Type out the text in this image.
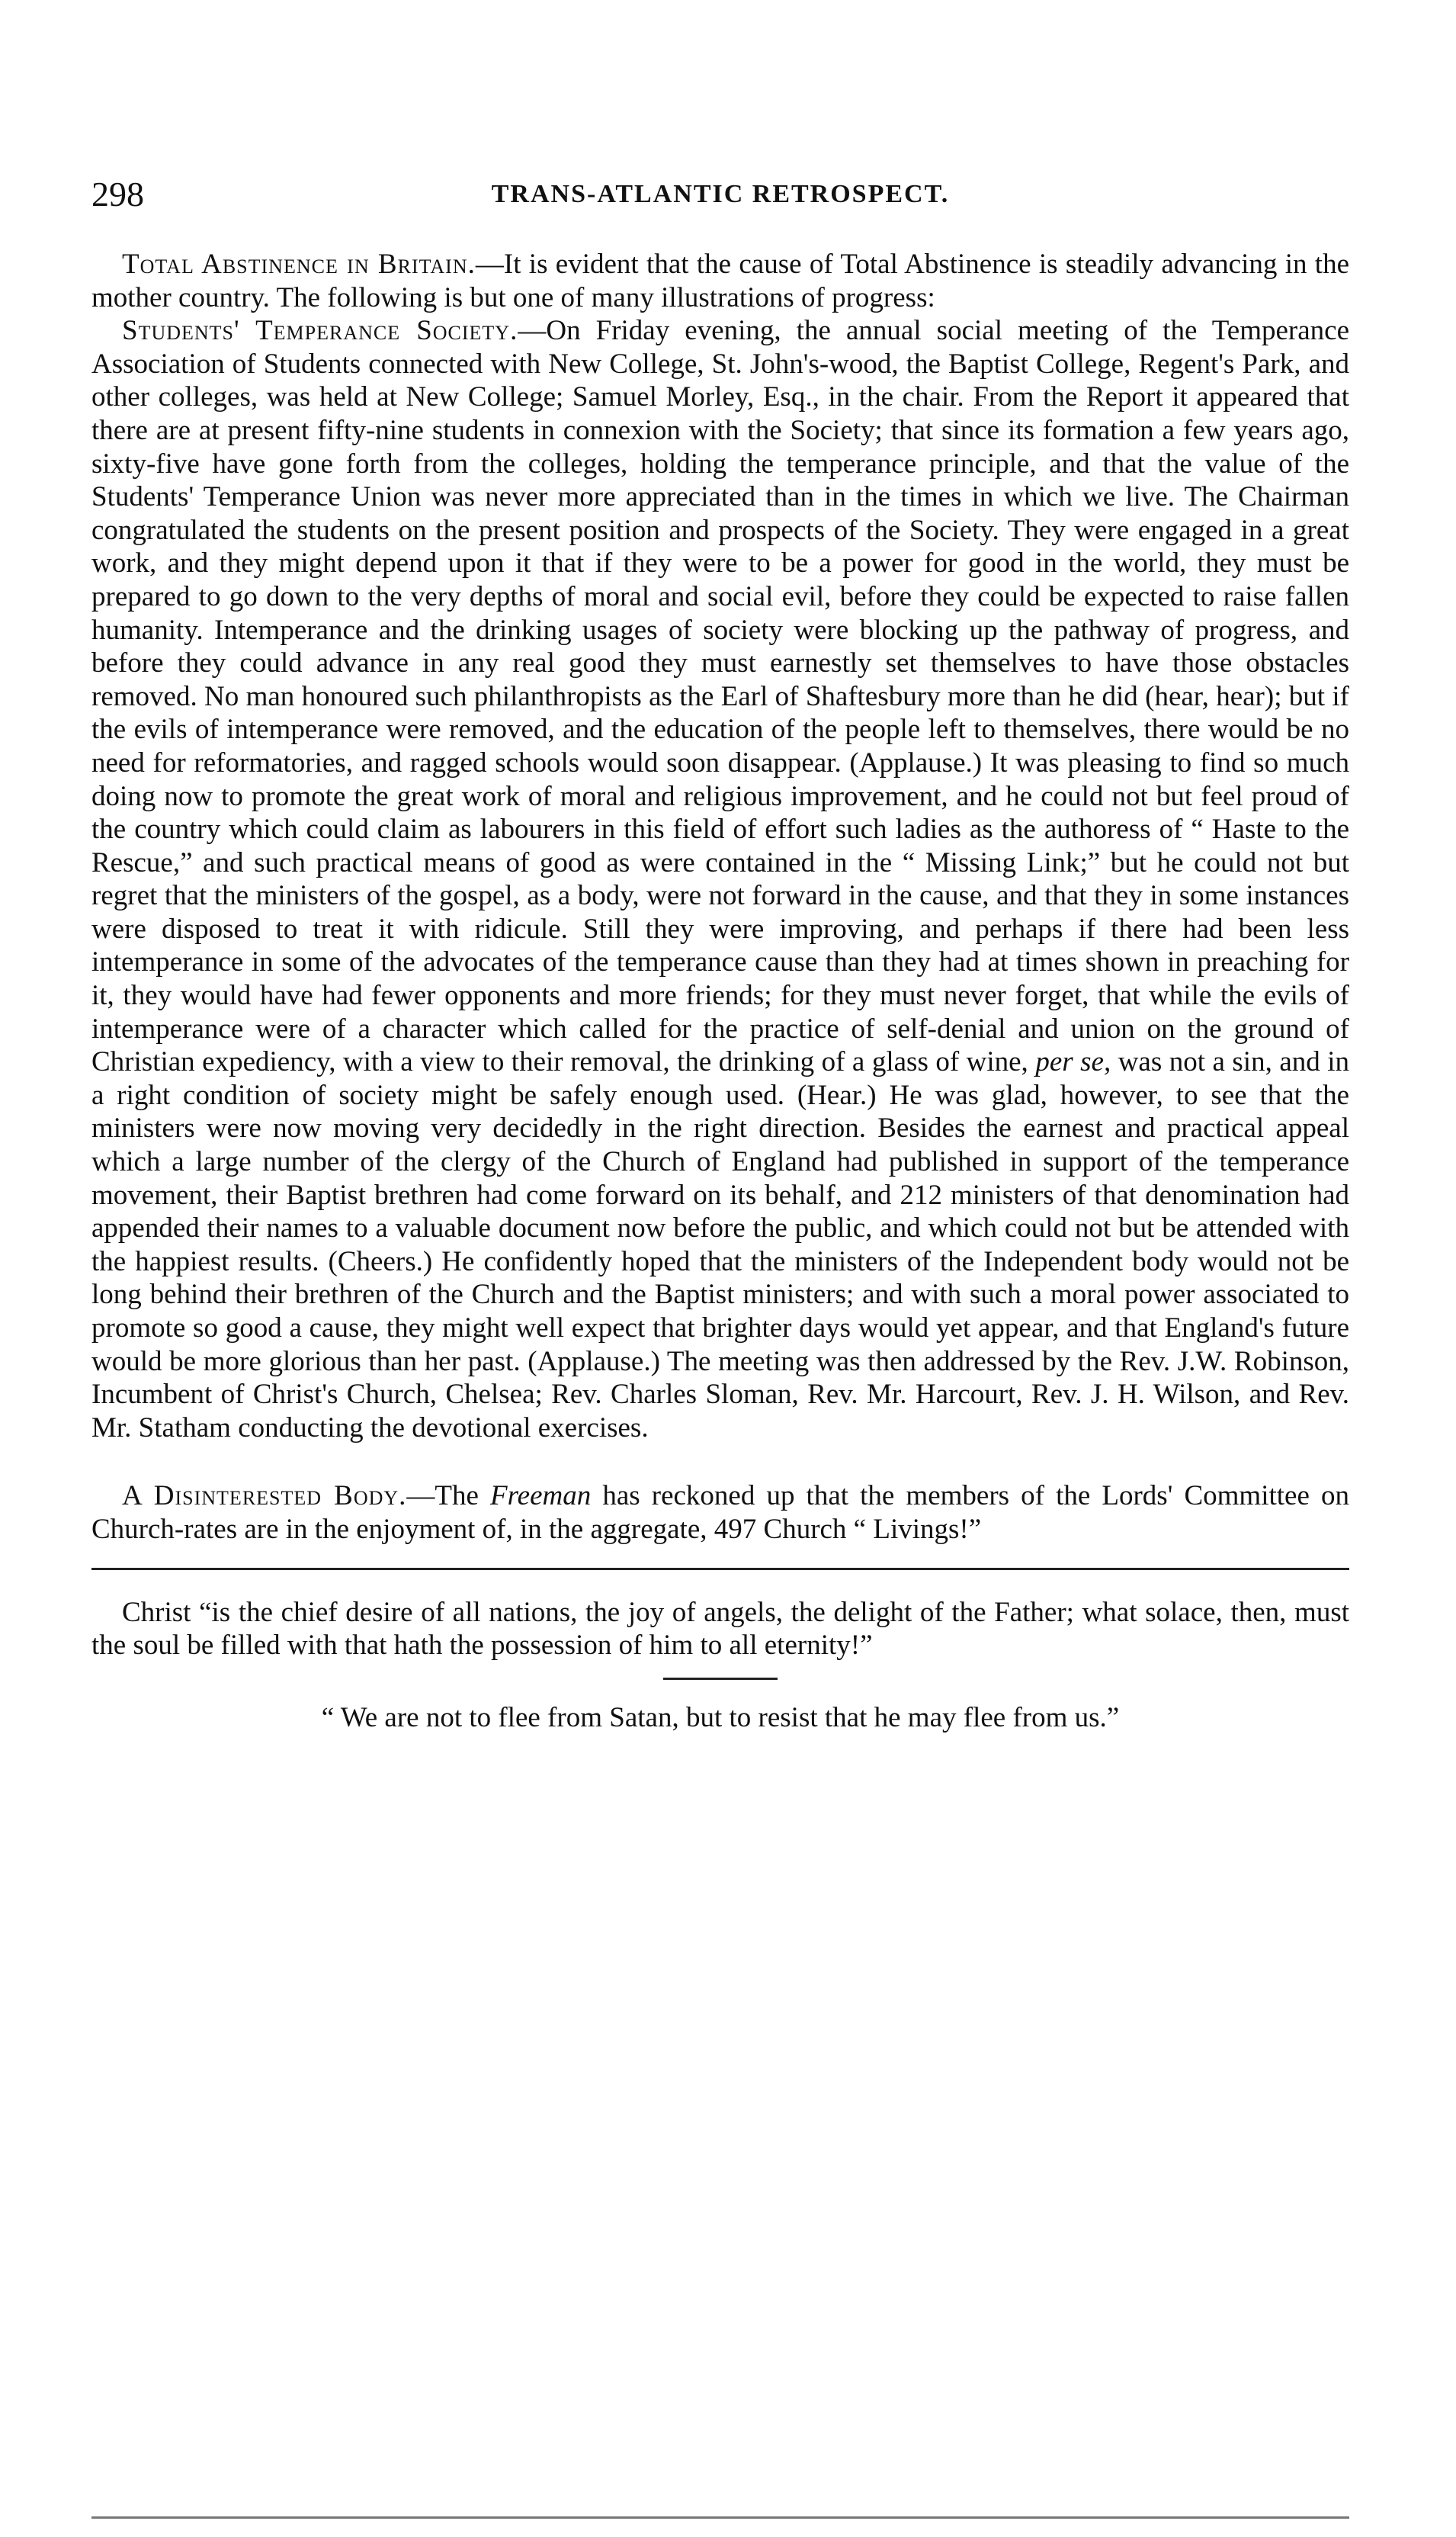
298	TRANS-ATLANTIC RETROSPECT.

Total Abstinence in Britain.—It is evident that the cause of Total Abstinence is steadily advancing in the mother country. The following is but one of many illustrations of progress:

Students' Temperance Society.—On Friday evening, the annual social meeting of the Temperance Association of Students connected with New College, St. John's-wood, the Baptist College, Regent's Park, and other colleges, was held at New College; Samuel Morley, Esq., in the chair. From the Report it appeared that there are at present fifty-nine students in connexion with the Society; that since its formation a few years ago, sixty-five have gone forth from the colleges, holding the temperance principle, and that the value of the Students' Temperance Union was never more appreciated than in the times in which we live. The Chairman congratulated the students on the present position and prospects of the Society. They were engaged in a great work, and they might depend upon it that if they were to be a power for good in the world, they must be prepared to go down to the very depths of moral and social evil, before they could be expected to raise fallen humanity. Intemperance and the drinking usages of society were blocking up the pathway of progress, and before they could advance in any real good they must earnestly set themselves to have those obstacles removed. No man honoured such philanthropists as the Earl of Shaftesbury more than he did (hear, hear); but if the evils of intemperance were removed, and the education of the people left to themselves, there would be no need for reformatories, and ragged schools would soon disappear. (Applause.) It was pleasing to find so much doing now to promote the great work of moral and religious improvement, and he could not but feel proud of the country which could claim as labourers in this field of effort such ladies as the authoress of “ Haste to the Rescue,” and such practical means of good as were contained in the “ Missing Link;” but he could not but regret that the ministers of the gospel, as a body, were not forward in the cause, and that they in some instances were disposed to treat it with ridicule. Still they were improving, and perhaps if there had been less intemperance in some of the advocates of the temperance cause than they had at times shown in preaching for it, they would have had fewer opponents and more friends; for they must never forget, that while the evils of intemperance were of a character which called for the practice of self-denial and union on the ground of Christian expediency, with a view to their removal, the drinking of a glass of wine, per se, was not a sin, and in a right condition of society might be safely enough used. (Hear.) He was glad, however, to see that the ministers were now moving very decidedly in the right direction. Besides the earnest and practical appeal which a large number of the clergy of the Church of England had published in support of the temperance movement, their Baptist brethren had come forward on its behalf, and 212 ministers of that denomination had appended their names to a valuable document now before the public, and which could not but be attended with the happiest results. (Cheers.) He confidently hoped that the ministers of the Independent body would not be long behind their brethren of the Church and the Baptist ministers; and with such a moral power associated to promote so good a cause, they might well expect that brighter days would yet appear, and that England's future would be more glorious than her past. (Applause.) The meeting was then addressed by the Rev. J.W. Robinson, Incumbent of Christ's Church, Chelsea; Rev. Charles Sloman, Rev. Mr. Harcourt, Rev. J. H. Wilson, and Rev. Mr. Statham conducting the devotional exercises.

A Disinterested Body.—The Freeman has reckoned up that the members of the Lords' Committee on Church-rates are in the enjoyment of, in the aggregate, 497 Church “ Livings!”

Christ “is the chief desire of all nations, the joy of angels, the delight of the Father; what solace, then, must the soul be filled with that hath the possession of him to all eternity!”

“ We are not to flee from Satan, but to resist that he may flee from us.”
